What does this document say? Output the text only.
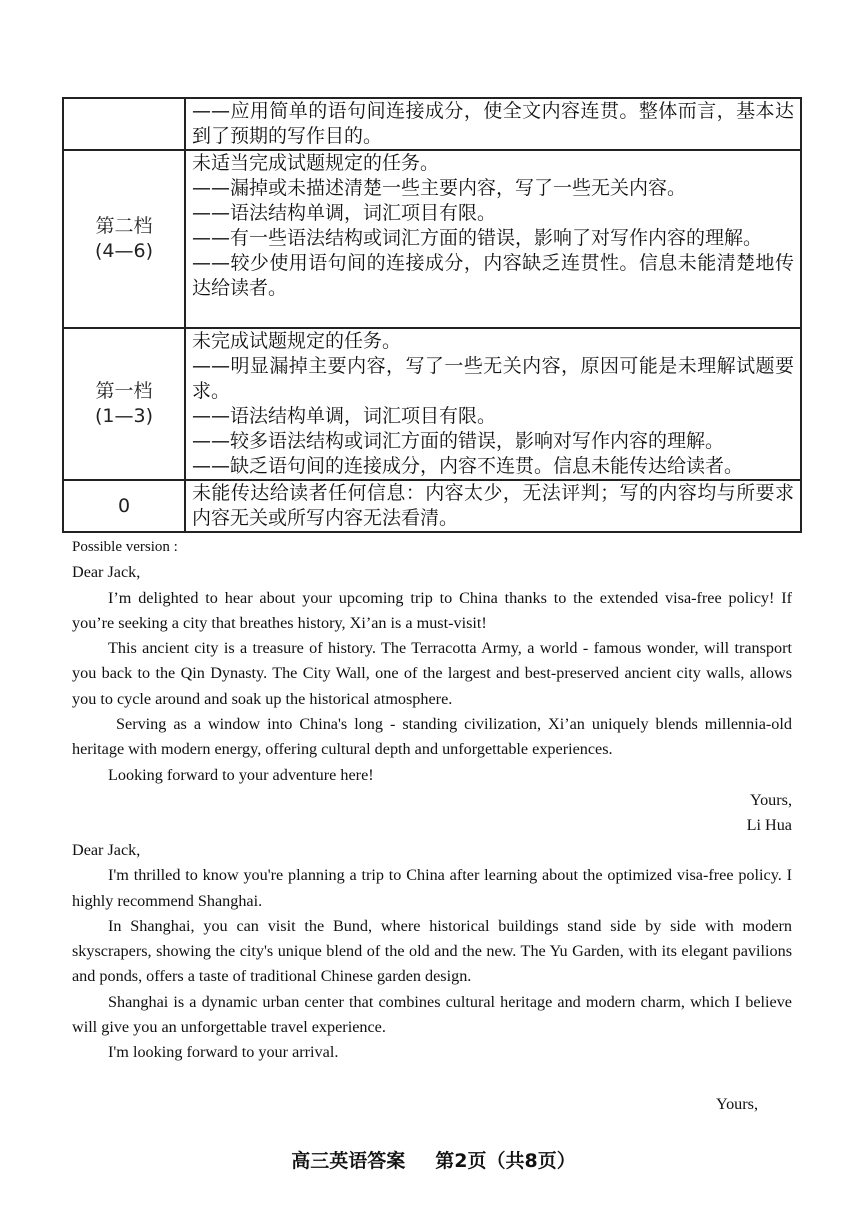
	——应用简单的语句间连接成分，使全文内容连贯。整体而言，基本达到了预期的写作目的。

第二档
(4—6)	未适当完成试题规定的任务。
——漏掉或未描述清楚一些主要内容，写了一些无关内容。
——语法结构单调，词汇项目有限。
——有一些语法结构或词汇方面的错误，影响了对写作内容的理解。
——较少使用语句间的连接成分，内容缺乏连贯性。信息未能清楚地传达给读者。

第一档
(1—3)	未完成试题规定的任务。
——明显漏掉主要内容，写了一些无关内容，原因可能是未理解试题要求。
——语法结构单调，词汇项目有限。
——较多语法结构或词汇方面的错误，影响对写作内容的理解。
——缺乏语句间的连接成分，内容不连贯。信息未能传达给读者。

0	未能传达给读者任何信息：内容太少，无法评判；写的内容均与所要求内容无关或所写内容无法看清。

Possible version :

Dear Jack,

I’m delighted to hear about your upcoming trip to China thanks to the extended visa-free policy! If you’re seeking a city that breathes history, Xi’an is a must-visit!

This ancient city is a treasure of history. The Terracotta Army, a world - famous wonder, will transport you back to the Qin Dynasty. The City Wall, one of the largest and best-preserved ancient city walls, allows you to cycle around and soak up the historical atmosphere.

Serving as a window into China's long - standing civilization, Xi’an uniquely blends millennia-old heritage with modern energy, offering cultural depth and unforgettable experiences.

Looking forward to your adventure here!

Yours,

Li Hua

Dear Jack,

I'm thrilled to know you're planning a trip to China after learning about the optimized visa-free policy. I highly recommend Shanghai.

In Shanghai, you can visit the Bund, where historical buildings stand side by side with modern skyscrapers, showing the city's unique blend of the old and the new. The Yu Garden, with its elegant pavilions and ponds, offers a taste of traditional Chinese garden design.

Shanghai is a dynamic urban center that combines cultural heritage and modern charm, which I believe will give you an unforgettable travel experience.

I'm looking forward to your arrival.

Yours,

高三英语答案 第2页（共8页）
